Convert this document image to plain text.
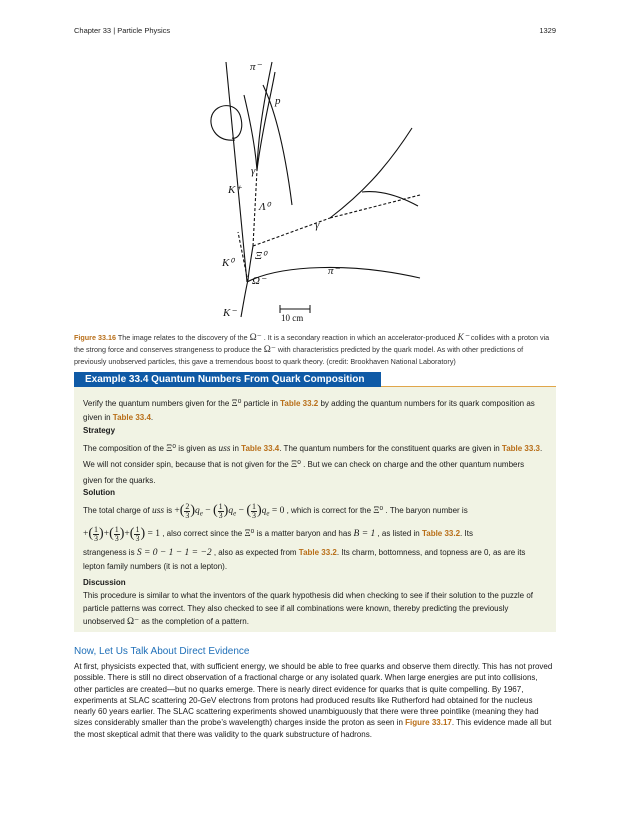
Chapter 33 | Particle Physics	1329
π⁻
p
γ
K⁺
Λ⁰
γ
Ξ⁰
K⁰
π⁻
Ω⁻
K⁻	10 cm
Figure 33.16 The image relates to the discovery of the Ω⁻ . It is a secondary reaction in which an accelerator-produced K⁻ collides with a proton via the strong force and conserves strangeness to produce the Ω⁻ with characteristics predicted by the quark model. As with other predictions of previously unobserved particles, this gave a tremendous boost to quark theory. (credit: Brookhaven National Laboratory)
Example 33.4 Quantum Numbers From Quark Composition
Verify the quantum numbers given for the Ξ⁰ particle in Table 33.2 by adding the quantum numbers for its quark composition as given in Table 33.4.
Strategy
The composition of the Ξ⁰ is given as uss in Table 33.4. The quantum numbers for the constituent quarks are given in Table 33.3. We will not consider spin, because that is not given for the Ξ⁰ . But we can check on charge and the other quantum numbers given for the quarks.
Solution
The total charge of uss is +( $\frac{2}{3} )q_e$ − ( $\frac{1}{3} )q_e$ − ( $\frac{1}{3} )q_e = 0$ , which is correct for the Ξ⁰ . The baryon number is
+( $\frac{1}{3}$ )+( $\frac{1}{3}$ )+( $\frac{1}{3}$ ) = 1 , also correct since the Ξ⁰ is a matter baryon and has B = 1 , as listed in Table 33.2. Its
strangeness is S = 0 − 1 − 1 = −2 , also as expected from Table 33.2. Its charm, bottomness, and topness are 0, as are its lepton family numbers (it is not a lepton).
Discussion
This procedure is similar to what the inventors of the quark hypothesis did when checking to see if their solution to the puzzle of particle patterns was correct. They also checked to see if all combinations were known, thereby predicting the previously unobserved Ω⁻ as the completion of a pattern.
Now, Let Us Talk About Direct Evidence
At first, physicists expected that, with sufficient energy, we should be able to free quarks and observe them directly. This has not proved possible. There is still no direct observation of a fractional charge or any isolated quark. When large energies are put into collisions, other particles are created—but no quarks emerge. There is nearly direct evidence for quarks that is quite compelling. By 1967, experiments at SLAC scattering 20-GeV electrons from protons had produced results like Rutherford had obtained for the nucleus nearly 60 years earlier. The SLAC scattering experiments showed unambiguously that there were three pointlike (meaning they had sizes considerably smaller than the probe’s wavelength) charges inside the proton as seen in Figure 33.17. This evidence made all but the most skeptical admit that there was validity to the quark substructure of hadrons.
